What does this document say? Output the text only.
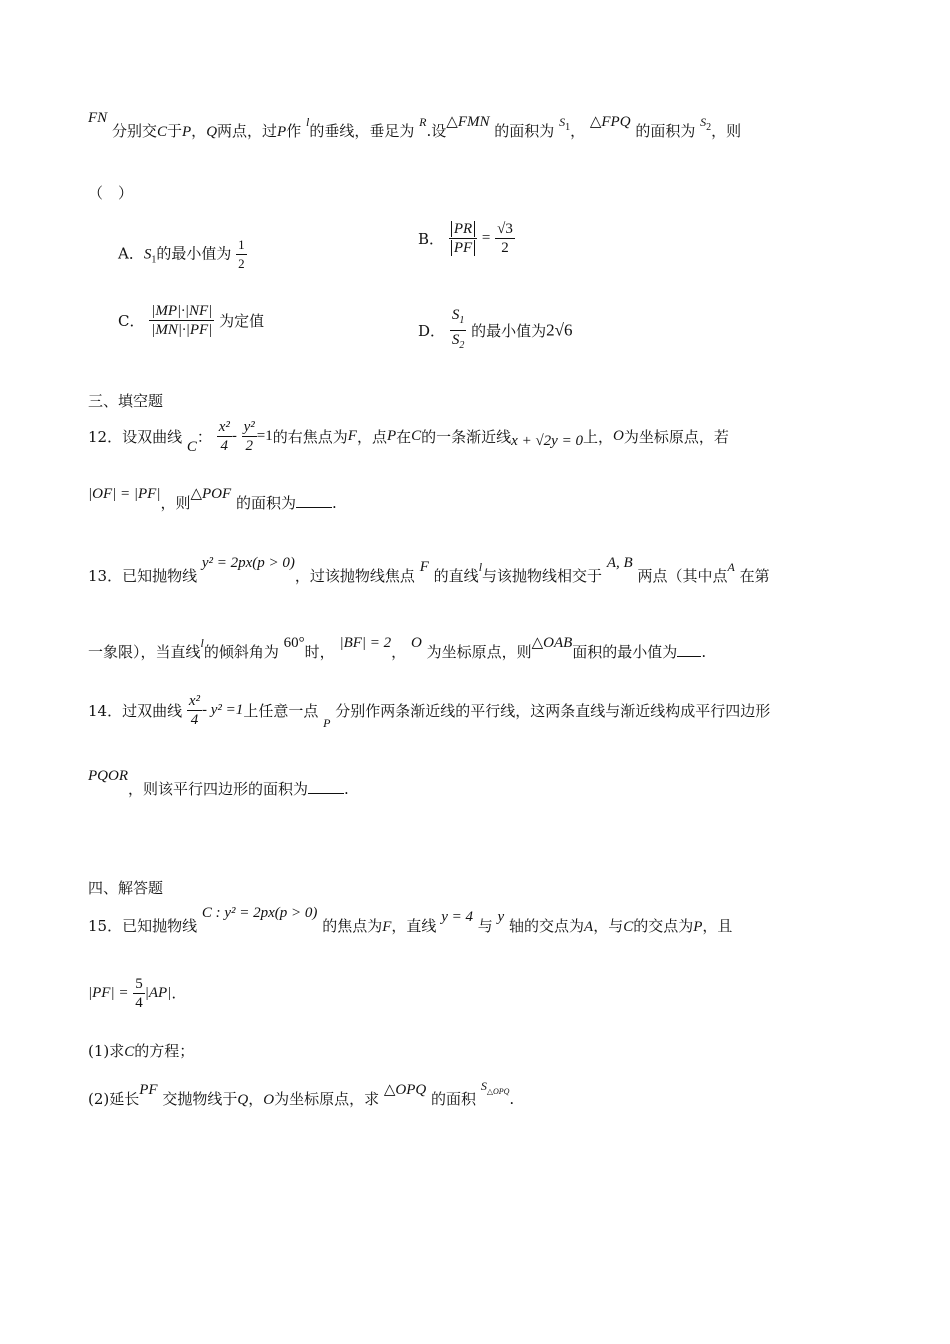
FN 分别交C于P，Q两点，过P作 $^l$的垂线，垂足为 $^R$.设△FMN 的面积为 $S_1$， △FPQ 的面积为 $S_2$，则
（　）
A．$S_1$的最小值为 $\frac{1}{2}$	B． $\frac{PR}{PF} = \frac{√3}{2}$
C． $\frac{|MP|\cdot|NF|}{|MN|\cdot|PF|}$ 为定值
D． $\frac{S_1}{S_2}$ 的最小值为2√6
三、填空题
12．设双曲线 C： $\frac{\text{x²}}{4} - \frac{\text{y²}}{2} =1$的右焦点为F，点P在C的一条渐近线x + √2y = 0上，O为坐标原点，若
|OF| = |PF|，则△POF 的面积为 .
13．已知抛物线 y² = 2px(p > 0)，过该抛物线焦点 F 的直线$^l$与该抛物线相交于 A, B 两点（其中点$^A$ 在第
一象限），当直线$^l$的倾斜角为 60°时， |BF| = 2， O 为坐标原点，则△OAB面积的最小值为 .
14．过双曲线 $\frac{\text{x²}}{4} - y^2 =1$上任意一点 $_P$ 分别作两条渐近线的平行线，这两条直线与渐近线构成平行四边形
PQOR，则该平行四边形的面积为 .
四、解答题
15．已知抛物线 C : y² = 2px(p > 0) 的焦点为F，直线 y = 4 与 y 轴的交点为A，与C的交点为P，且
$|PF| = \frac{5}{4} |AP|$.
(1)求C的方程；
(2)延长PF 交抛物线于Q，O为坐标原点，求 △OPQ 的面积 $S_{\triangle OPQ}$.
